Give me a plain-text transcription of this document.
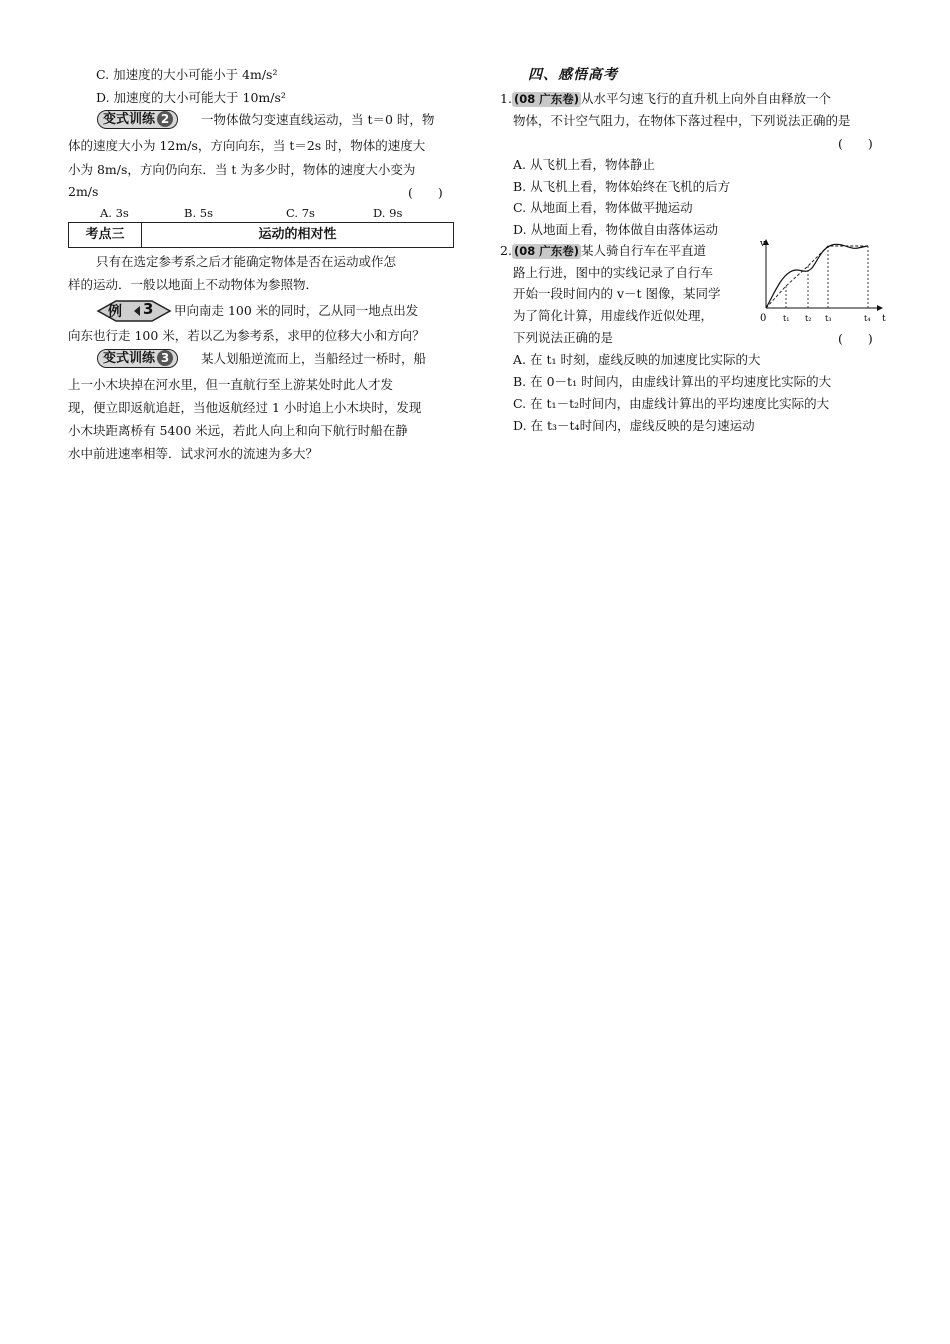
C. 加速度的大小可能小于 4m/s²
D. 加速度的大小可能大于 10m/s²
变式训练 2	一物体做匀变速直线运动，当 t＝0 时，物
体的速度大小为 12m/s，方向向东，当 t＝2s 时，物体的速度大
小为 8m/s，方向仍向东．当 t 为多少时，物体的速度大小变为
2m/s	(　　)
A. 3s	B. 5s	C. 7s	D. 9s
考点三	运动的相对性
只有在选定参考系之后才能确定物体是否在运动或作怎
样的运动．一般以地面上不动物体为参照物．
例 3 甲向南走 100 米的同时，乙从同一地点出发
向东也行走 100 米，若以乙为参考系，求甲的位移大小和方向？
变式训练 3	某人划船逆流而上，当船经过一桥时，船
上一小木块掉在河水里，但一直航行至上游某处时此人才发
现，便立即返航追赶，当他返航经过 1 小时追上小木块时，发现
小木块距离桥有 5400 米远，若此人向上和向下航行时船在静
水中前进速率相等．试求河水的流速为多大？
四、感悟高考
1. (08 广东卷) 从水平匀速飞行的直升机上向外自由释放一个
物体，不计空气阻力，在物体下落过程中，下列说法正确的是
(　　)
A. 从飞机上看，物体静止
B. 从飞机上看，物体始终在飞机的后方
C. 从地面上看，物体做平抛运动
D. 从地面上看，物体做自由落体运动
2. (08 广东卷) 某人骑自行车在平直道
路上行进，图中的实线记录了自行车
开始一段时间内的 v－t 图像，某同学
为了简化计算，用虚线作近似处理，
下列说法正确的是	(　　)
v
t
0 t₁ t₂ t₃	t₄
A. 在 t₁ 时刻，虚线反映的加速度比实际的大
B. 在 0－t₁ 时间内，由虚线计算出的平均速度比实际的大
C. 在 t₁－t₂时间内，由虚线计算出的平均速度比实际的大
D. 在 t₃－t₄时间内，虚线反映的是匀速运动
